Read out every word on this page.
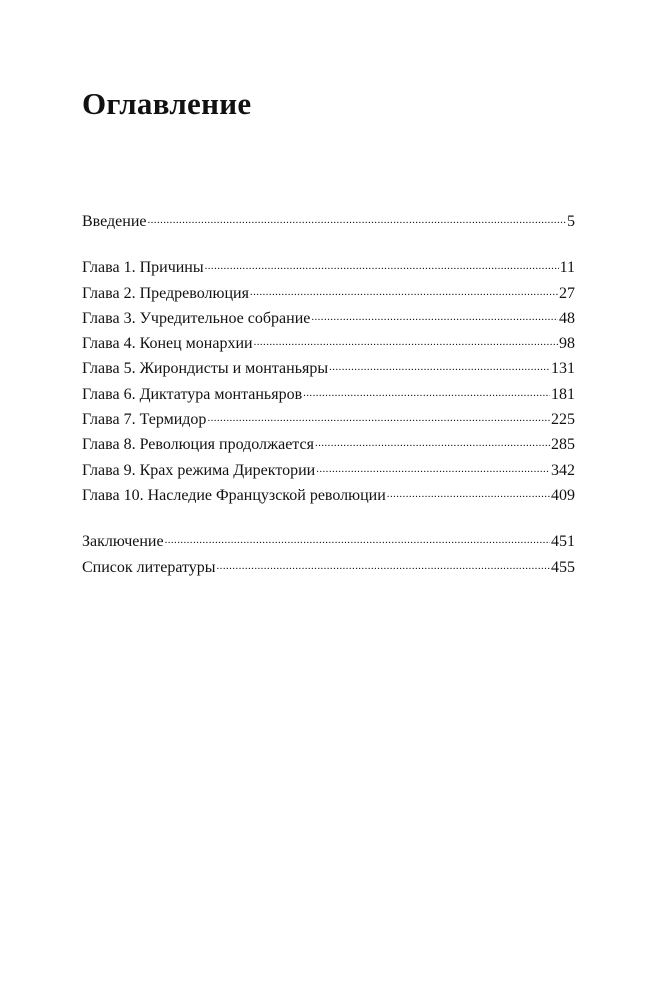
Оглавление
Введение .....	5
Глава 1. Причины .....	11
Глава 2. Предреволюция .....	27
Глава 3. Учредительное собрание .....	48
Глава 4. Конец монархии .....	98
Глава 5. Жирондисты и монтаньяры .....	131
Глава 6. Диктатура монтаньяров .....	181
Глава 7. Термидор .....	225
Глава 8. Революция продолжается .....	285
Глава 9. Крах режима Директории .....	342
Глава 10. Наследие Французской революции .....	409
Заключение .....	451
Список литературы .....	455
